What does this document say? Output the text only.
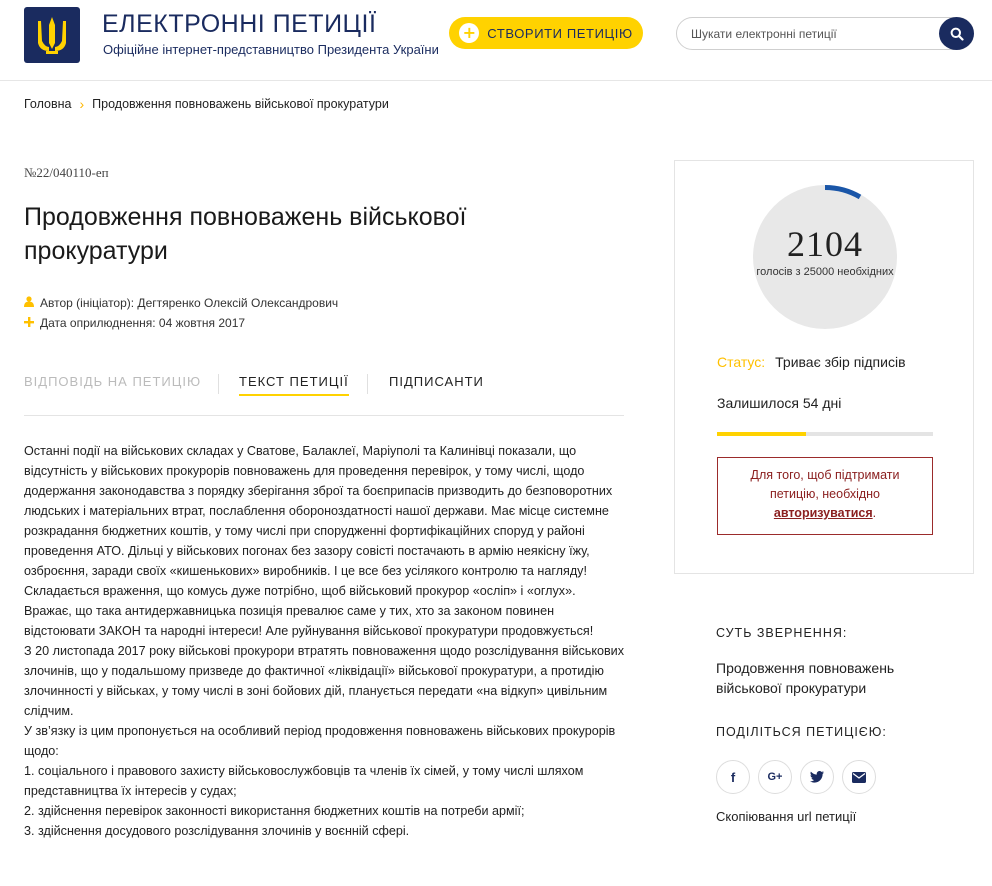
ЕЛЕКТРОННІ ПЕТИЦІЇ
Офіційне інтернет-представництво Президента України
+ СТВОРИТИ ПЕТИЦІЮ
Шукати електронні петиції
Головна › Продовження повноважень військової прокуратури
№22/040110-еп
Продовження повноважень військової прокуратури
Автор (ініціатор): Дегтяренко Олексій Олександрович
Дата оприлюднення: 04 жовтня 2017
ВІДПОВІДЬ НА ПЕТИЦІЮ	ТЕКСТ ПЕТИЦІЇ	ПІДПИСАНТИ

Останні події на військових складах у Сватове, Балаклеї, Маріуполі та Калинівці показали, що відсутність у військових прокурорів повноважень для проведення перевірок, у тому числі, щодо додержання законодавства з порядку зберігання зброї та боєприпасів призводить до безповоротних людських і матеріальних втрат, послаблення обороноздатності нашої держави. Має місце системне розкрадання бюджетних коштів, у тому числі при спорудженні фортифікаційних споруд у районі проведення АТО. Дільці у військових погонах без зазору совісті постачають в армію неякісну їжу, озброєння, заради своїх «кишенькових» виробників. І це все без усілякого контролю та нагляду!

Складається враження, що комусь дуже потрібно, щоб військовий прокурор «осліп» і «оглух». Вражає, що така антидержавницька позиція превалює саме у тих, хто за законом повинен відстоювати ЗАКОН та народні інтереси! Але руйнування військової прокуратури продовжується!

З 20 листопада 2017 року військові прокурори втратять повноваження щодо розслідування військових злочинів, що у подальшому призведе до фактичної «ліквідації» військової прокуратури, а протидію злочинності у військах, у тому числі в зоні бойових дій, планується передати «на відкуп» цивільним слідчим.

У зв’язку із цим пропонується на особливий період продовження повноважень військових прокурорів щодо:

1. соціального і правового захисту військовослужбовців та членів їх сімей, у тому числі шляхом представництва їх інтересів у судах;

2. здійснення перевірок законності використання бюджетних коштів на потреби армії;

3. здійснення досудового розслідування злочинів у воєнній сфері.

2104
голосів з 25000 необхідних
Статус: Триває збір підписів
Залишилося 54 дні
Для того, щоб підтримати петицію, необхідно авторизуватися.
СУТЬ ЗВЕРНЕННЯ:
Продовження повноважень військової прокуратури
ПОДІЛІТЬСЯ ПЕТИЦІЄЮ:
f	G+
Скопіювання url петиції
